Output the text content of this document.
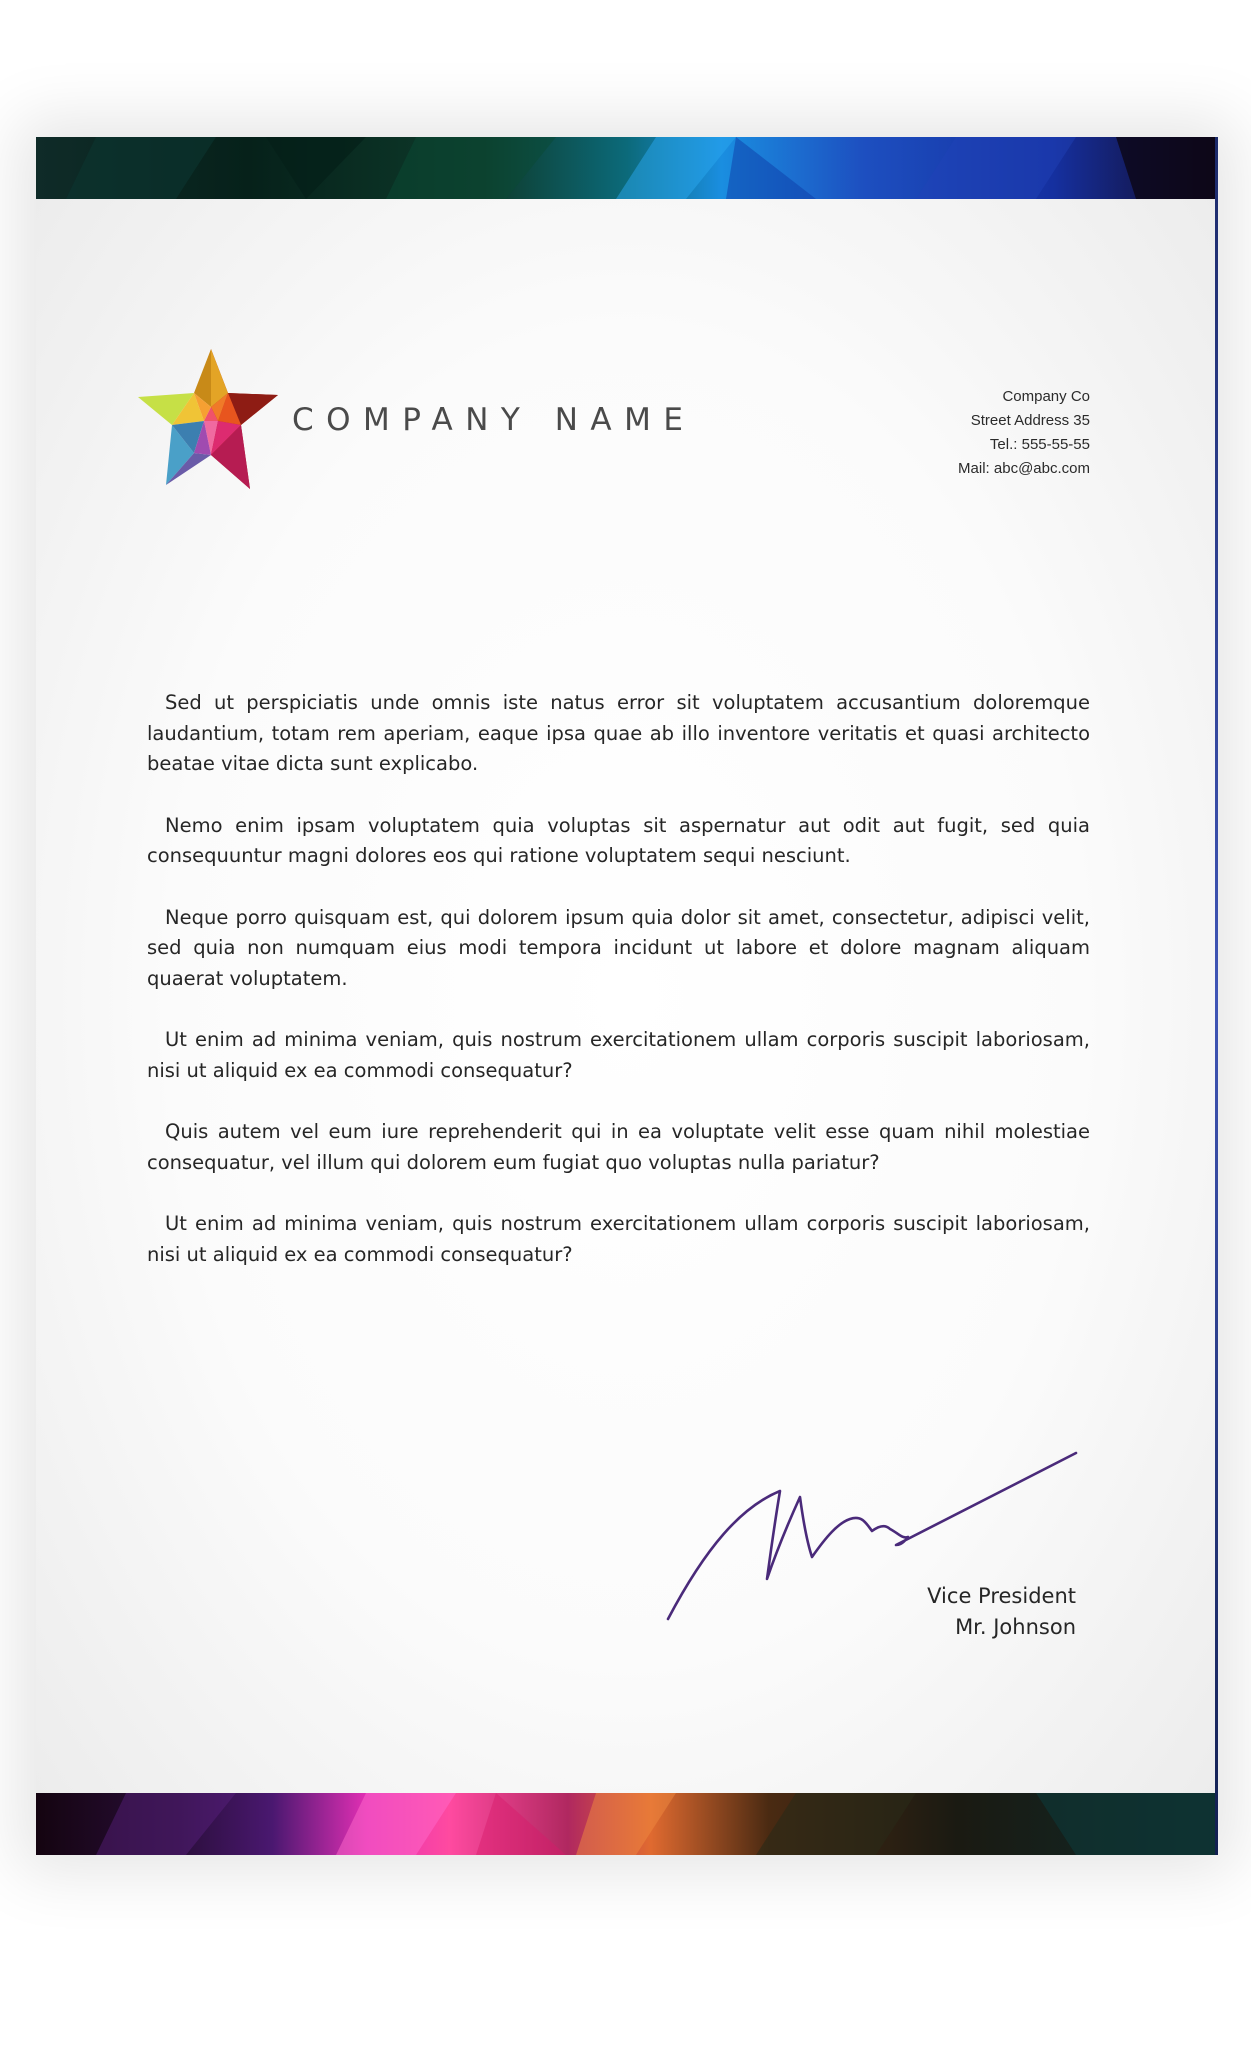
COMPANY NAME
Company Co
Street Address 35
Tel.: 555-55-55
Mail: abc@abc.com

Sed ut perspiciatis unde omnis iste natus error sit voluptatem accusantium doloremque laudantium, totam rem aperiam, eaque ipsa quae ab illo inventore veritatis et quasi architecto beatae vitae dicta sunt explicabo.

Nemo enim ipsam voluptatem quia voluptas sit aspernatur aut odit aut fugit, sed quia consequuntur magni dolores eos qui ratione voluptatem sequi nesciunt.

Neque porro quisquam est, qui dolorem ipsum quia dolor sit amet, consectetur, adipisci velit, sed quia non numquam eius modi tempora incidunt ut labore et dolore magnam aliquam quaerat voluptatem.

Ut enim ad minima veniam, quis nostrum exercitationem ullam corporis suscipit laboriosam, nisi ut aliquid ex ea commodi consequatur?

Quis autem vel eum iure reprehenderit qui in ea voluptate velit esse quam nihil molestiae consequatur, vel illum qui dolorem eum fugiat quo voluptas nulla pariatur?

Ut enim ad minima veniam, quis nostrum exercitationem ullam corporis suscipit laboriosam, nisi ut aliquid ex ea commodi consequatur?

Vice President
Mr. Johnson
